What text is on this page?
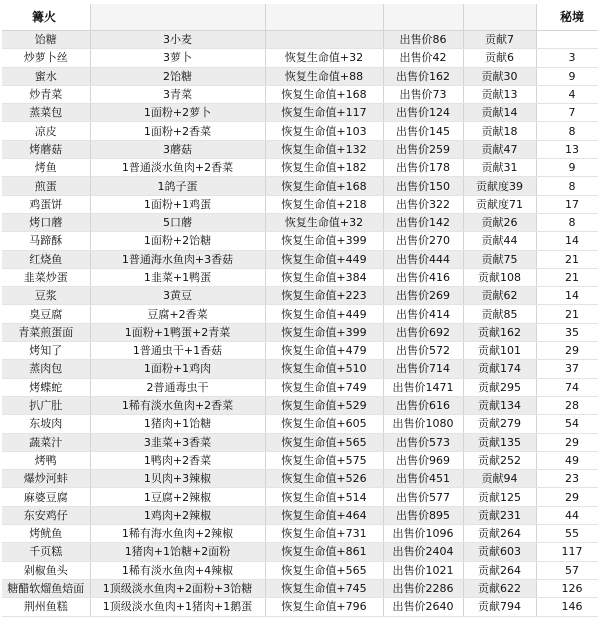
篝火						秘境
饴糖	3小麦		出售价86	贡献7		
炒萝卜丝	3萝卜	恢复生命值+32	出售价42	贡献6		3
蜜水	2饴糖	恢复生命值+88	出售价162	贡献30		9
炒青菜	3青菜	恢复生命值+168	出售价73	贡献13		4
蒸菜包	1面粉+2萝卜	恢复生命值+117	出售价124	贡献14		7
凉皮	1面粉+2香菜	恢复生命值+103	出售价145	贡献18		8
烤蘑菇	3蘑菇	恢复生命值+132	出售价259	贡献47		13
烤鱼	1普通淡水鱼肉+2香菜	恢复生命值+182	出售价178	贡献31		9
煎蛋	1鸽子蛋	恢复生命值+168	出售价150	贡献度39		8
鸡蛋饼	1面粉+1鸡蛋	恢复生命值+218	出售价322	贡献度71		17
烤口蘑	5口蘑	恢复生命值+32	出售价142	贡献26		8
马蹄酥	1面粉+2饴糖	恢复生命值+399	出售价270	贡献44		14
红烧鱼	1普通海水鱼肉+3香菇	恢复生命值+449	出售价444	贡献75		21
韭菜炒蛋	1韭菜+1鸭蛋	恢复生命值+384	出售价416	贡献108		21
豆浆	3黄豆	恢复生命值+223	出售价269	贡献62		14
臭豆腐	豆腐+2香菜	恢复生命值+449	出售价414	贡献85		21
青菜煎蛋面	1面粉+1鸭蛋+2青菜	恢复生命值+399	出售价692	贡献162		35
烤知了	1普通虫干+1香菇	恢复生命值+479	出售价572	贡献101		29
蒸肉包	1面粉+1鸡肉	恢复生命值+510	出售价714	贡献174		37
烤蝶蛇	2普通毒虫干	恢复生命值+749	出售价1471	贡献295		74
扒广肚	1稀有淡水鱼肉+2香菜	恢复生命值+529	出售价616	贡献134		28
东坡肉	1猪肉+1饴糖	恢复生命值+605	出售价1080	贡献279		54
蔬菜汁	3韭菜+3香菜	恢复生命值+565	出售价573	贡献135		29
烤鸭	1鸭肉+2香菜	恢复生命值+575	出售价969	贡献252		49
爆炒河蚌	1贝肉+3辣椒	恢复生命值+526	出售价451	贡献94		23
麻婆豆腐	1豆腐+2辣椒	恢复生命值+514	出售价577	贡献125		29
东安鸡仔	1鸡肉+2辣椒	恢复生命值+464	出售价895	贡献231		44
烤鱿鱼	1稀有海水鱼肉+2辣椒	恢复生命值+731	出售价1096	贡献264		55
千页糕	1猪肉+1饴糖+2面粉	恢复生命值+861	出售价2404	贡献603		117
剁椒鱼头	1稀有淡水鱼肉+4辣椒	恢复生命值+565	出售价1021	贡献264		57
糖醋软熘鱼焙面	1顶级淡水鱼肉+2面粉+3饴糖	恢复生命值+745	出售价2286	贡献622		126
荆州鱼糕	1顶级淡水鱼肉+1猪肉+1鹅蛋	恢复生命值+796	出售价2640	贡献794		146
